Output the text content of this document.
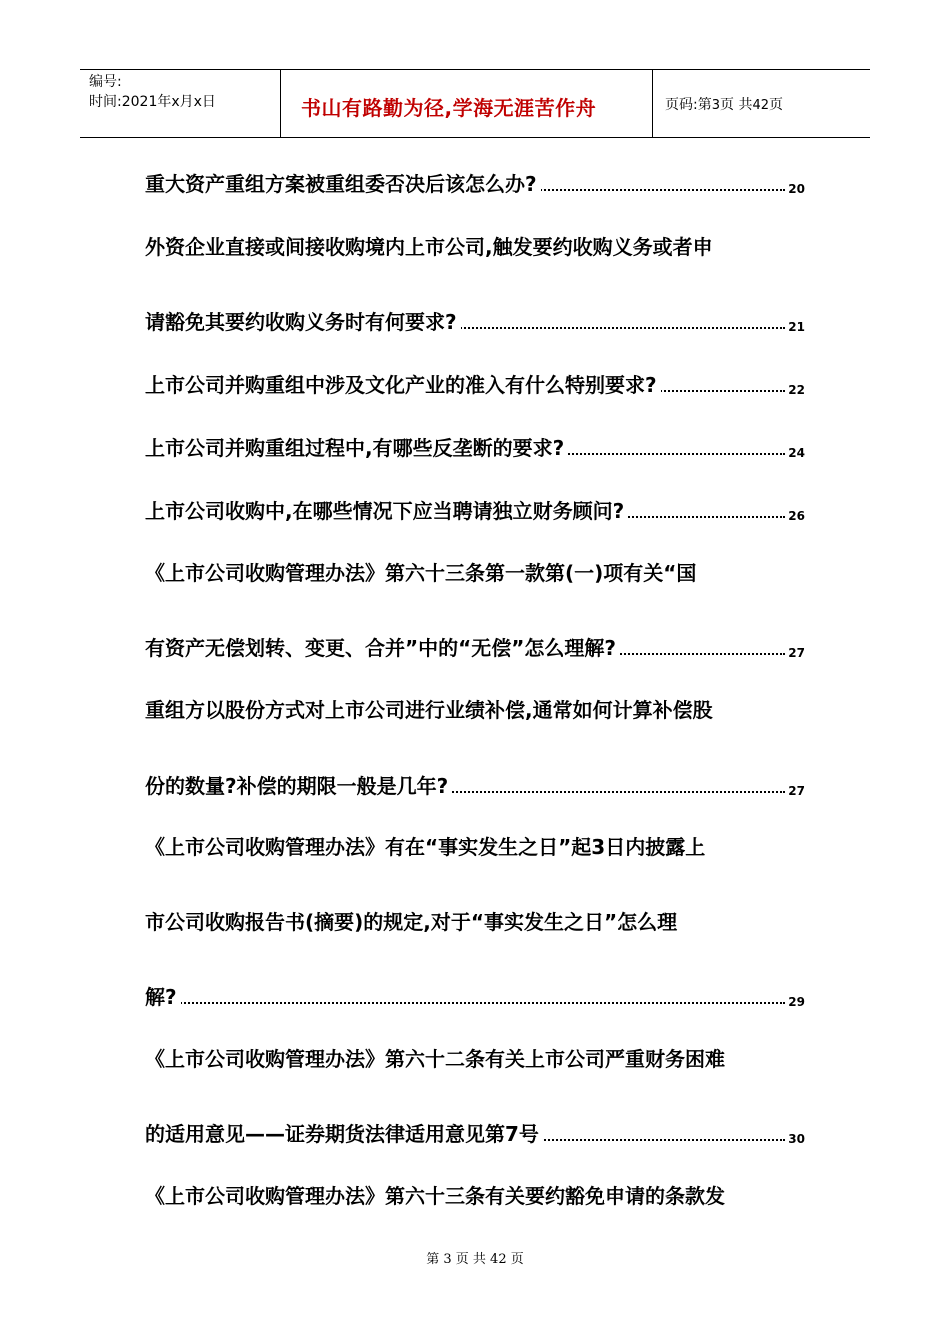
编号:
时间:2021年x月x日	书山有路勤为径,学海无涯苦作舟	页码:第3页 共42页
重大资产重组方案被重组委否决后该怎么办?	20
外资企业直接或间接收购境内上市公司,触发要约收购义务或者申
请豁免其要约收购义务时有何要求?	21
上市公司并购重组中涉及文化产业的准入有什么特别要求?	22
上市公司并购重组过程中,有哪些反垄断的要求?	24
上市公司收购中,在哪些情况下应当聘请独立财务顾问?	26
《上市公司收购管理办法》第六十三条第一款第(一)项有关“国
有资产无偿划转、变更、合并”中的“无偿”怎么理解?	27
重组方以股份方式对上市公司进行业绩补偿,通常如何计算补偿股
份的数量?补偿的期限一般是几年?	27
《上市公司收购管理办法》有在“事实发生之日”起3日内披露上
市公司收购报告书(摘要)的规定,对于“事实发生之日”怎么理
解?	29
《上市公司收购管理办法》第六十二条有关上市公司严重财务困难
的适用意见——证券期货法律适用意见第7号	30
《上市公司收购管理办法》第六十三条有关要约豁免申请的条款发
第 3 页 共 42 页
